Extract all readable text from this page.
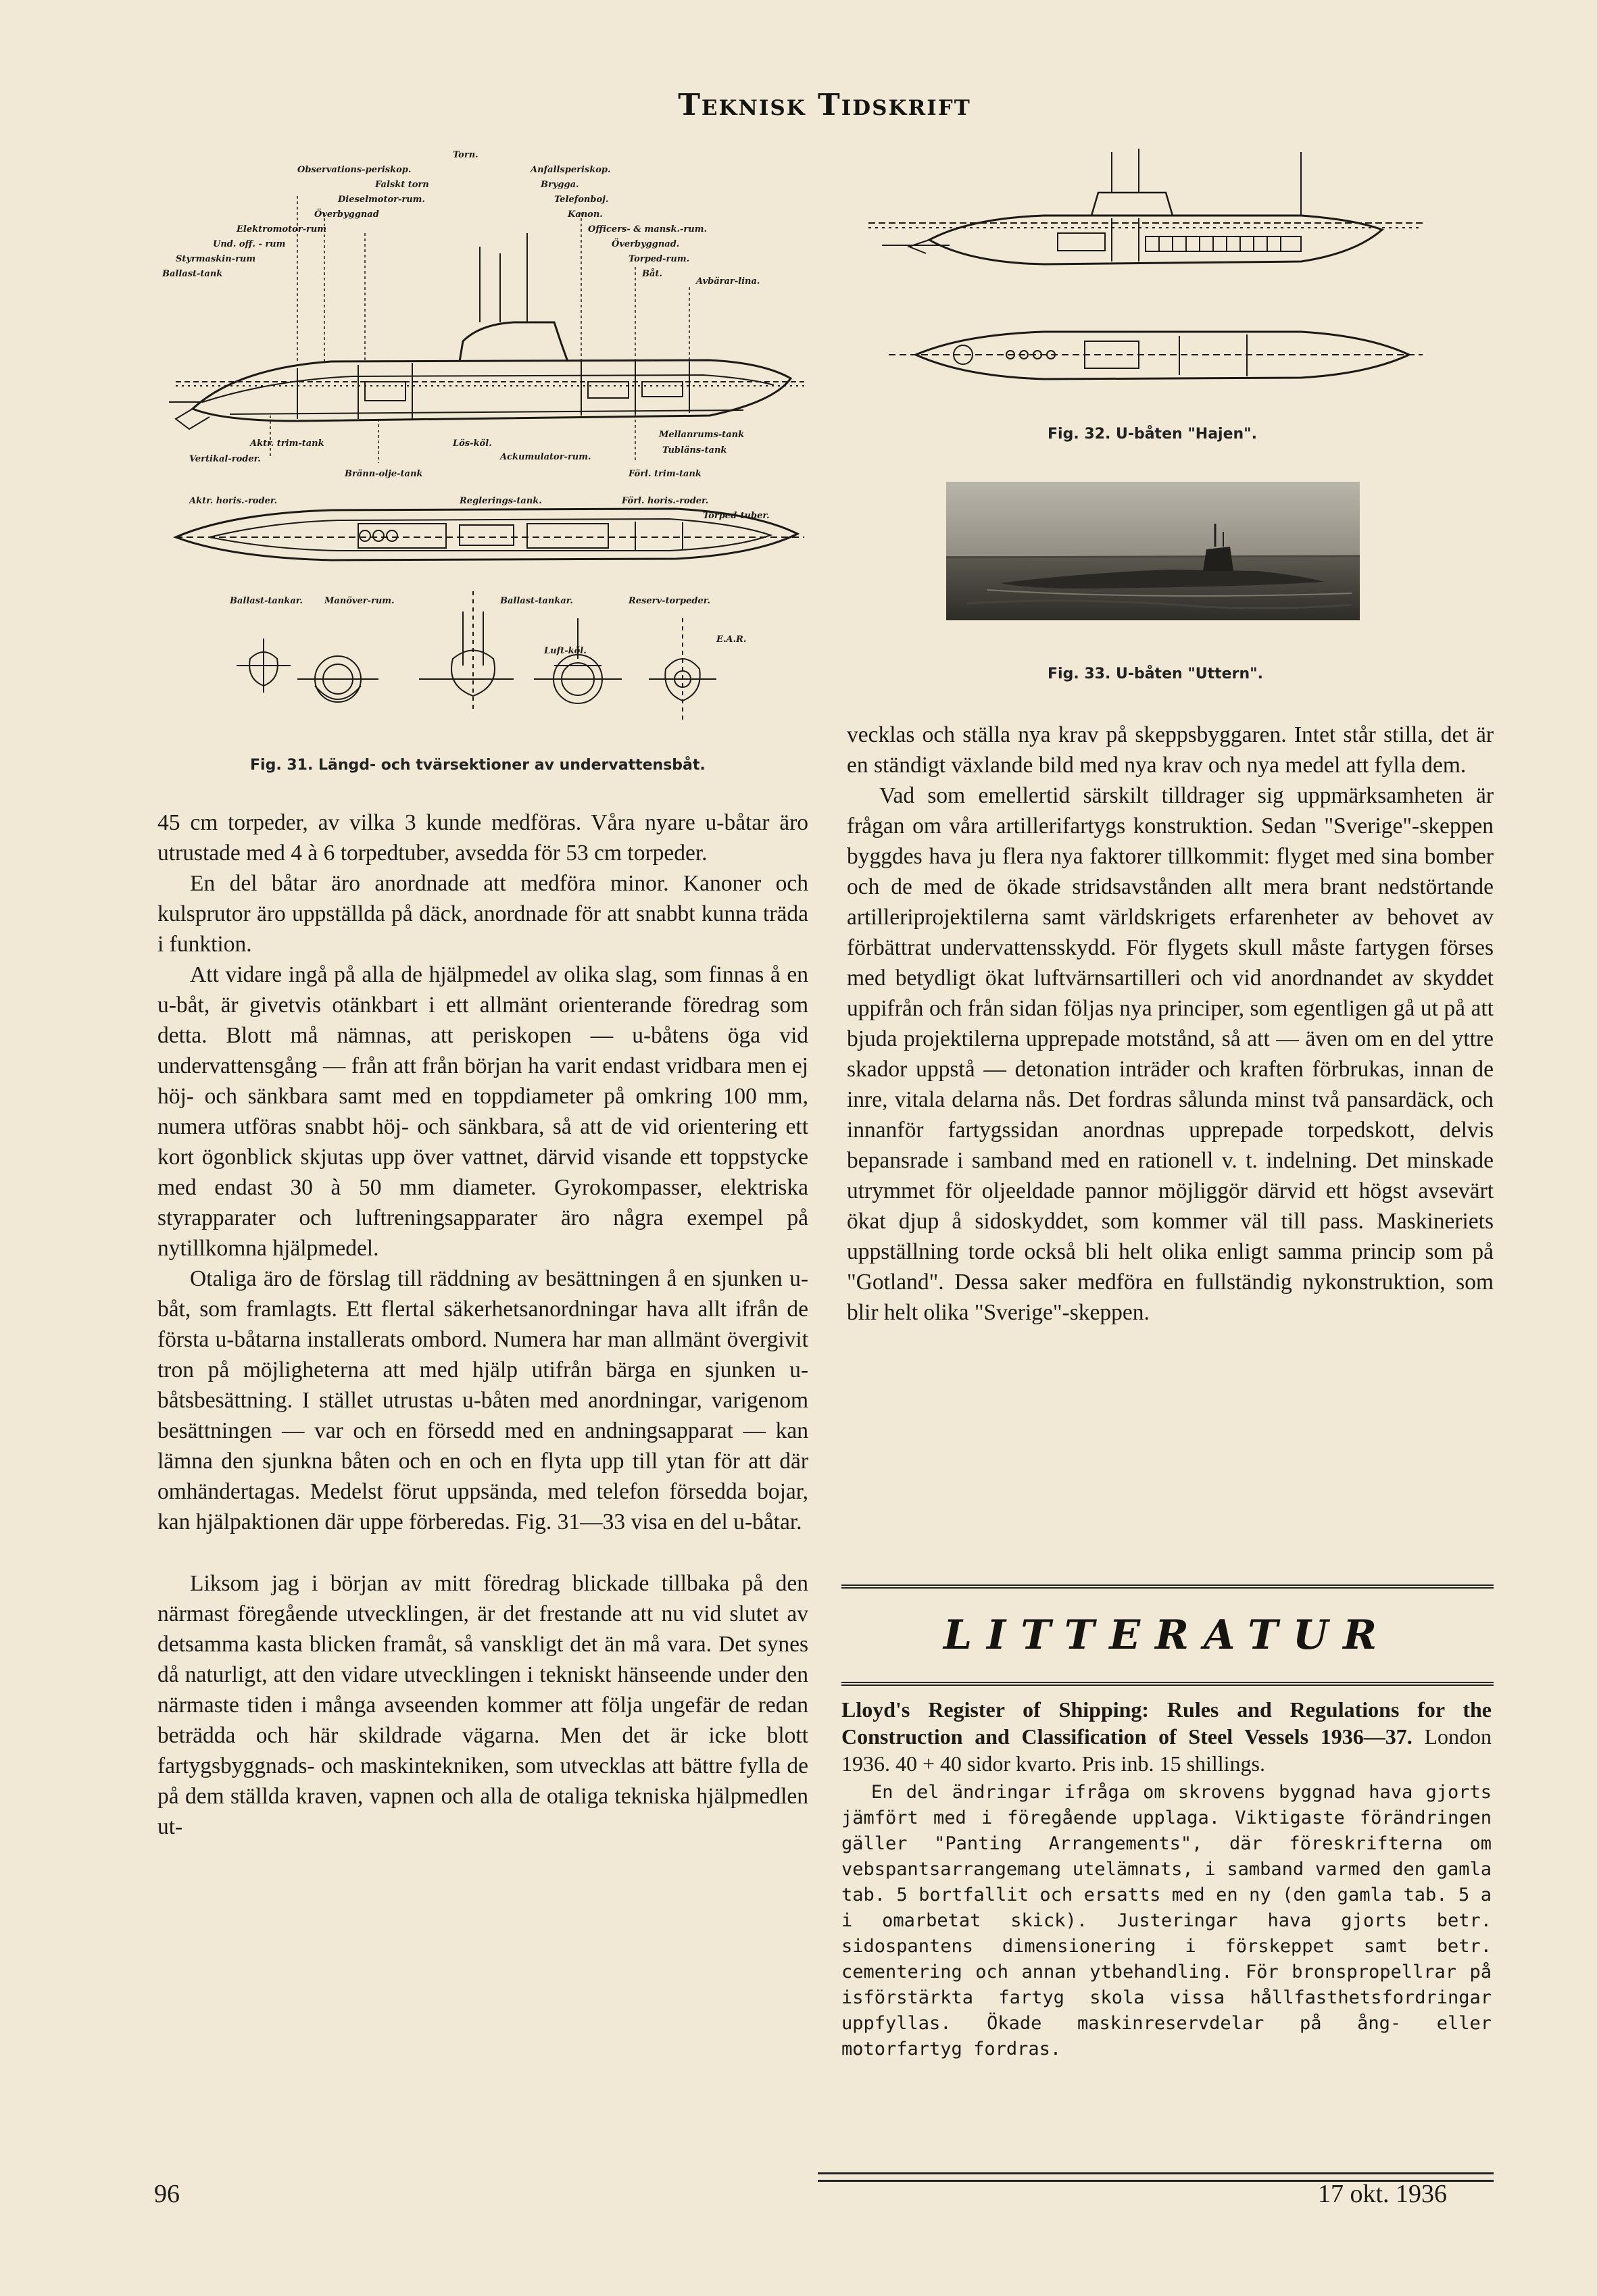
Teknisk Tidskrift
Torn.
Observations-periskop.	Anfallsperiskop.
Falskt torn	Brygga.
Dieselmotor-rum.	Telefonboj.
Överbyggnad	Kanon.
Elektromotor-rum	Officers- & mansk.-rum.
Und. off. - rum	Överbyggnad.
Styrmaskin-rum	Torped-rum.
Ballast-tank	Båt.
Avbärar-lina.
Aktr. trim-tank	Lös-köl.
Mellanrums-tank
Vertikal-roder.	Ackumulator-rum.
Tubläns-tank
Bränn-olje-tank	Förl. trim-tank
Aktr. horis.-roder.	Reglerings-tank.	Förl. horis.-roder.
Torped-tuber.
Ballast-tankar. Manöver-rum.	Ballast-tankar.	Reserv-torpeder.
Luft-köl.
E.A.R.
Fig. 31. Längd- och tvärsektioner av undervattensbåt.
Fig. 32. U-båten "Hajen".
Fig. 33. U-båten "Uttern".

45 cm torpeder, av vilka 3 kunde medföras. Våra nyare u-båtar äro utrustade med 4 à 6 torpedtuber, avsedda för 53 cm torpeder.

En del båtar äro anordnade att medföra minor. Kanoner och kulsprutor äro uppställda på däck, anordnade för att snabbt kunna träda i funktion.

Att vidare ingå på alla de hjälpmedel av olika slag, som finnas å en u-båt, är givetvis otänkbart i ett allmänt orienterande föredrag som detta. Blott må nämnas, att periskopen — u-båtens öga vid undervattensgång — från att från början ha varit endast vridbara men ej höj- och sänkbara samt med en toppdiameter på omkring 100 mm, numera utföras snabbt höj- och sänkbara, så att de vid orientering ett kort ögonblick skjutas upp över vattnet, därvid visande ett toppstycke med endast 30 à 50 mm diameter. Gyrokompasser, elektriska styrapparater och luftreningsapparater äro några exempel på nytillkomna hjälpmedel.

Otaliga äro de förslag till räddning av besättningen å en sjunken u-båt, som framlagts. Ett flertal säkerhetsanordningar hava allt ifrån de första u-båtarna installerats ombord. Numera har man allmänt övergivit tron på möjligheterna att med hjälp utifrån bärga en sjunken u-båtsbesättning. I stället utrustas u-båten med anordningar, varigenom besättningen — var och en försedd med en andningsapparat — kan lämna den sjunkna båten och en och en flyta upp till ytan för att där omhändertagas. Medelst förut uppsända, med telefon försedda bojar, kan hjälpaktionen där uppe förberedas. Fig. 31—33 visa en del u-båtar.

Liksom jag i början av mitt föredrag blickade tillbaka på den närmast föregående utvecklingen, är det frestande att nu vid slutet av detsamma kasta blicken framåt, så vanskligt det än må vara. Det synes då naturligt, att den vidare utvecklingen i tekniskt hänseende under den närmaste tiden i många avseenden kommer att följa ungefär de redan beträdda och här skildrade vägarna. Men det är icke blott fartygsbyggnads- och maskintekniken, som utvecklas att bättre fylla de på dem ställda kraven, vapnen och alla de otaliga tekniska hjälpmedlen ut-

vecklas och ställa nya krav på skeppsbyggaren. Intet står stilla, det är en ständigt växlande bild med nya krav och nya medel att fylla dem.

Vad som emellertid särskilt tilldrager sig uppmärksamheten är frågan om våra artillerifartygs konstruktion. Sedan "Sverige"-skeppen byggdes hava ju flera nya faktorer tillkommit: flyget med sina bomber och de med de ökade stridsavstånden allt mera brant nedstörtande artilleriprojektilerna samt världskrigets erfarenheter av behovet av förbättrat undervattensskydd. För flygets skull måste fartygen förses med betydligt ökat luftvärnsartilleri och vid anordnandet av skyddet uppifrån och från sidan följas nya principer, som egentligen gå ut på att bjuda projektilerna upprepade motstånd, så att — även om en del yttre skador uppstå — detonation inträder och kraften förbrukas, innan de inre, vitala delarna nås. Det fordras sålunda minst två pansardäck, och innanför fartygssidan anordnas upprepade torpedskott, delvis bepansrade i samband med en rationell v. t. indelning. Det minskade utrymmet för oljeeldade pannor möjliggör därvid ett högst avsevärt ökat djup å sidoskyddet, som kommer väl till pass. Maskineriets uppställning torde också bli helt olika enligt samma princip som på "Gotland". Dessa saker medföra en fullständig nykonstruktion, som blir helt olika "Sverige"-skeppen.

LITTERATUR
Lloyd's Register of Shipping: Rules and Regulations for the Construction and Classification of Steel Vessels 1936—37. London 1936. 40 + 40 sidor kvarto. Pris inb. 15 shillings.
En del ändringar ifråga om skrovens byggnad hava gjorts jämfört med i föregående upplaga. Viktigaste förändringen gäller "Panting Arrangements", där föreskrifterna om vebspantsarrangemang utelämnats, i samband varmed den gamla tab. 5 bortfallit och ersatts med en ny (den gamla tab. 5 a i omarbetat skick). Justeringar hava gjorts betr. sidospantens dimensionering i förskeppet samt betr. cementering och annan ytbehandling. För bronspropellrar på isförstärkta fartyg skola vissa hållfasthetsfordringar uppfyllas. Ökade maskinreservdelar på ång- eller motorfartyg fordras.
96	17 okt. 1936
